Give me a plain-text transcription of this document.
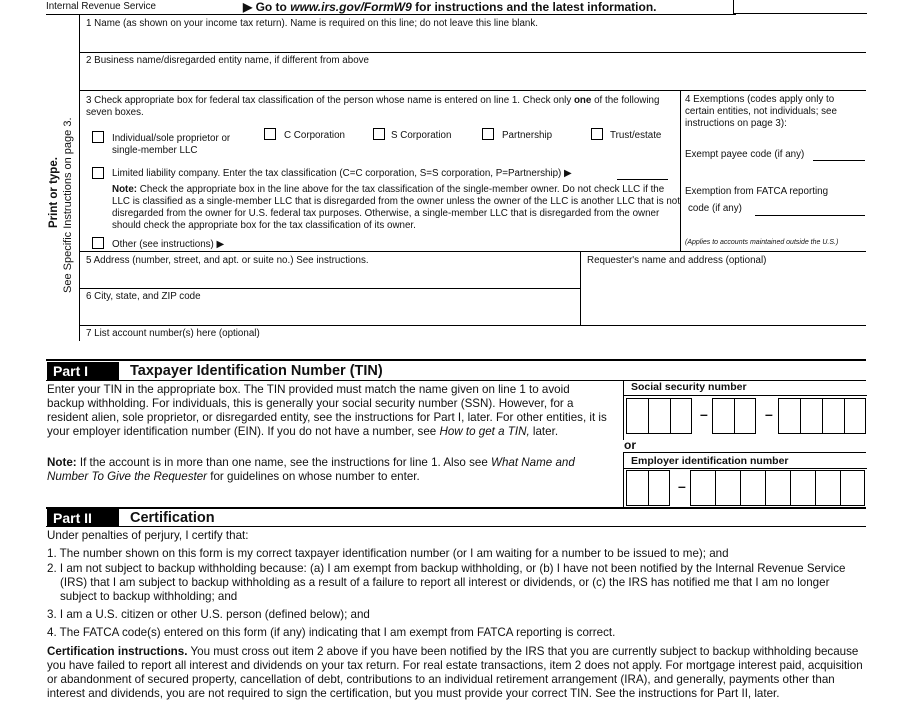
Internal Revenue Service	▶ Go to www.irs.gov/FormW9 for instructions and the latest information.
Print or type. See Specific Instructions on page 3.
1 Name (as shown on your income tax return). Name is required on this line; do not leave this line blank.
2 Business name/disregarded entity name, if different from above
3 Check appropriate box for federal tax classification of the person whose name is entered on line 1. Check only one of the following seven boxes.
Individual/sole proprietor or
single-member LLC
C Corporation	S Corporation	Partnership	Trust/estate
Limited liability company. Enter the tax classification (C=C corporation, S=S corporation, P=Partnership) ▶
Note: Check the appropriate box in the line above for the tax classification of the single-member owner. Do not check LLC if the LLC is classified as a single-member LLC that is disregarded from the owner unless the owner of the LLC is another LLC that is not disregarded from the owner for U.S. federal tax purposes. Otherwise, a single-member LLC that is disregarded from the owner should check the appropriate box for the tax classification of its owner.
Other (see instructions) ▶
4 Exemptions (codes apply only to certain entities, not individuals; see instructions on page 3):
Exempt payee code (if any)
Exemption from FATCA reporting
code (if any)
(Applies to accounts maintained outside the U.S.)
5 Address (number, street, and apt. or suite no.) See instructions.	Requester's name and address (optional)
6 City, state, and ZIP code
7 List account number(s) here (optional)
Part I	Taxpayer Identification Number (TIN)
Enter your TIN in the appropriate box. The TIN provided must match the name given on line 1 to avoid backup withholding. For individuals, this is generally your social security number (SSN). However, for a resident alien, sole proprietor, or disregarded entity, see the instructions for Part I, later. For other entities, it is your employer identification number (EIN). If you do not have a number, see How to get a TIN, later.
Note: If the account is in more than one name, see the instructions for line 1. Also see What Name and Number To Give the Requester for guidelines on whose number to enter.
Social security number
–	–
or
Employer identification number
–
Part II	Certification
Under penalties of perjury, I certify that:
1. The number shown on this form is my correct taxpayer identification number (or I am waiting for a number to be issued to me); and
2. I am not subject to backup withholding because: (a) I am exempt from backup withholding, or (b) I have not been notified by the Internal Revenue Service (IRS) that I am subject to backup withholding as a result of a failure to report all interest or dividends, or (c) the IRS has notified me that I am no longer subject to backup withholding; and
3. I am a U.S. citizen or other U.S. person (defined below); and
4. The FATCA code(s) entered on this form (if any) indicating that I am exempt from FATCA reporting is correct.
Certification instructions. You must cross out item 2 above if you have been notified by the IRS that you are currently subject to backup withholding because you have failed to report all interest and dividends on your tax return. For real estate transactions, item 2 does not apply. For mortgage interest paid, acquisition or abandonment of secured property, cancellation of debt, contributions to an individual retirement arrangement (IRA), and generally, payments other than interest and dividends, you are not required to sign the certification, but you must provide your correct TIN. See the instructions for Part II, later.
